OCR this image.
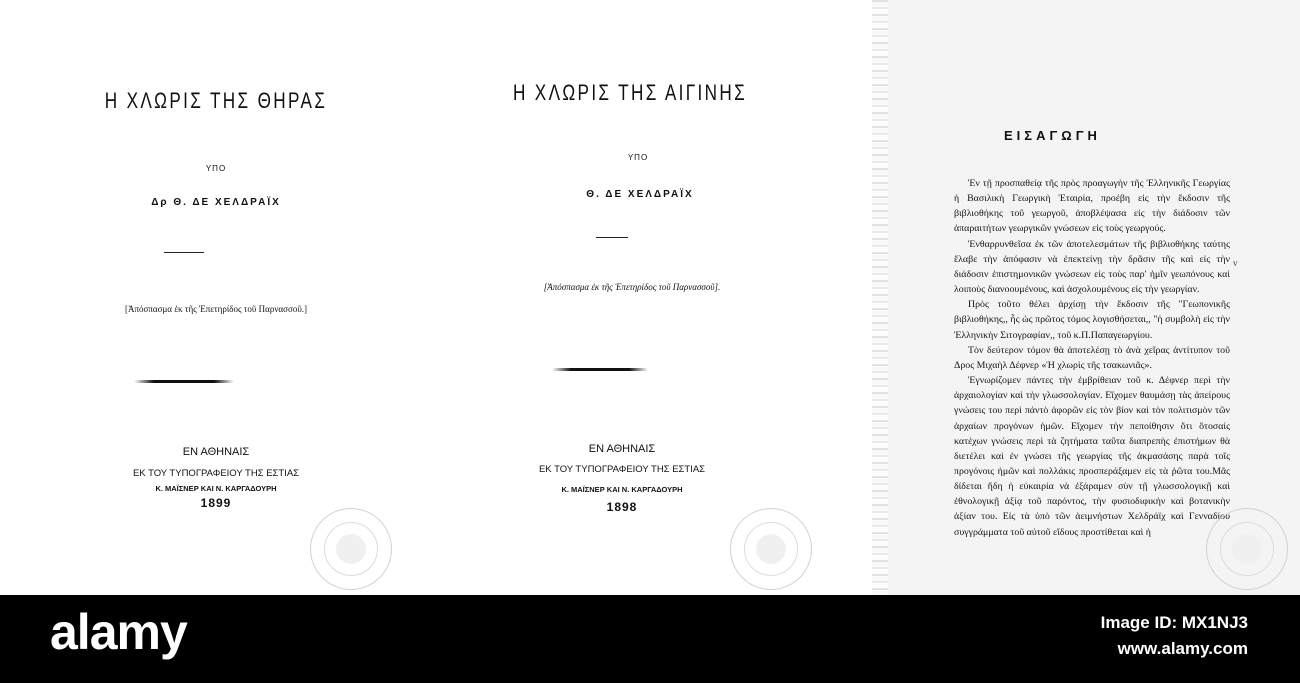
Η ΧΛΩΡΙΣ ΤΗΣ ΘΗΡΑΣ
ΥΠΟ
Δρ Θ. ΔΕ ΧΕΛΔΡΑΪΧ
[Ἀπόσπασμα ἐκ τῆς Ἐπετηρίδος τοῦ Παρνασσοῦ.]
ΕΝ ΑΘΗΝΑΙΣ
ΕΚ ΤΟΥ ΤΥΠΟΓΡΑΦΕΙΟΥ ΤΗΣ ΕΣΤΙΑΣ
Κ. ΜΑΪΣΝΕΡ ΚΑΙ Ν. ΚΑΡΓΑΔΟΥΡΗ
1899
Η ΧΛΩΡΙΣ ΤΗΣ ΑΙΓΙΝΗΣ
ΥΠΟ
Θ. ΔΕ ΧΕΛΔΡΑΪΧ
[Ἀπόσπασμα ἐκ τῆς Ἐπετηρίδος τοῦ Παρνασσοῦ].
ΕΝ ΑΘΗΝΑΙΣ
ΕΚ ΤΟΥ ΤΥΠΟΓΡΑΦΕΙΟΥ ΤΗΣ ΕΣΤΙΑΣ
Κ. ΜΑΪΣΝΕΡ ΚΑΙ Ν. ΚΑΡΓΑΔΟΥΡΗ
1898
ΕΙΣΑΓΩΓΗ

Ἐν τῇ προσπαθείᾳ τῆς πρὸς προαγωγὴν τῆς Ἑλληνικῆς Γεωργίας ἡ Βασιλικὴ Γεωργικὴ Ἑταιρία, προέβη εἰς τὴν ἔκδοσιν τῆς βιβλιοθήκης τοῦ γεωργοῦ, ἀποβλέψασα εἰς τὴν διάδοσιν τῶν ἀπαραιτήτων γεωργικῶν γνώσεων εἰς τοὺς γεωργούς.

Ἐνθαρρυνθεῖσα ἐκ τῶν ἀποτελεσμάτων τῆς βιβλιοθήκης ταύτης ἔλαβε τὴν ἀπόφασιν νὰ ἐπεκτείνῃ τὴν δρᾶσιν τῆς καὶ εἰς τὴν διάδοσιν ἐπιστημονικῶν γνώσεων εἰς τοὺς παρ' ἡμῖν γεωπόνους καὶ λοιποὺς διανοουμένους, καὶ ἀσχολουμένους εἰς τὴν γεωργίαν.

Πρὸς τοῦτο θέλει ἀρχίσῃ τὴν ἔκδοσιν τῆς "Γεωπονικῆς βιβλιοθήκης,, ἧς ὡς πρῶτος τόμος λογισθήσεται,, "ἡ συμβολὴ εἰς τὴν Ἑλληνικὴν Σιτογραφίαν,, τοῦ κ.Π.Παπαγεωργίου.

Τὸν δεύτερον τόμον θὰ ἀποτελέσῃ τὸ ἀνὰ χεῖρας ἀντίτυπον τοῦ Δρος Μιχαὴλ Δέφνερ «Ἡ χλωρὶς τῆς τσακωνιᾶς».

Ἐγνωρίζομεν πάντες τὴν ἐμβρίθειαν τοῦ κ. Δέφνερ περὶ τὴν ἀρχαιολογίαν καὶ τὴν γλωσσολογίαν. Εἴχομεν θαυμάσῃ τὰς ἀπείρους γνώσεις του περὶ πάντὸ ἀφορῶν εἰς τὸν βίον καὶ τὸν πολιτισμὸν τῶν ἀρχαίων προγόνων ἡμῶν. Εἴχομεν τὴν πεποίθησιν ὅτι ὅτοσαίς κατέχων γνώσεις περὶ τὰ ζητήματα ταῦτα διαπρεπὴς ἐπιστήμων θὰ διετέλει καὶ ἐν γνώσει τῆς γεωργίας τῆς ἀκμασάσης παρὰ τοῖς προγόνοις ἡμῶν καὶ πολλάκις προσπεράξαμεν εἰς τὰ ῥῶτα του.Μᾶς δίδεται ἤδη ἡ εὐκαιρία νὰ ἐξάραμεν σὺν τῇ γλωσσολογικῇ καὶ ἐθνολογικῇ ἀξίᾳ τοῦ παρόντος, τὴν φυσιοδιφικὴν καὶ βοτανικὴν ἀξίαν του. Εἰς τὰ ὑπὸ τῶν ἀειμνήστων Χελδράϊχ καὶ Γενναδίου συγγράμματα τοῦ αὐτοῦ εἴδους προστίθεται καὶ ἡ

v
alamy	Image ID: MX1NJ3
www.alamy.com
